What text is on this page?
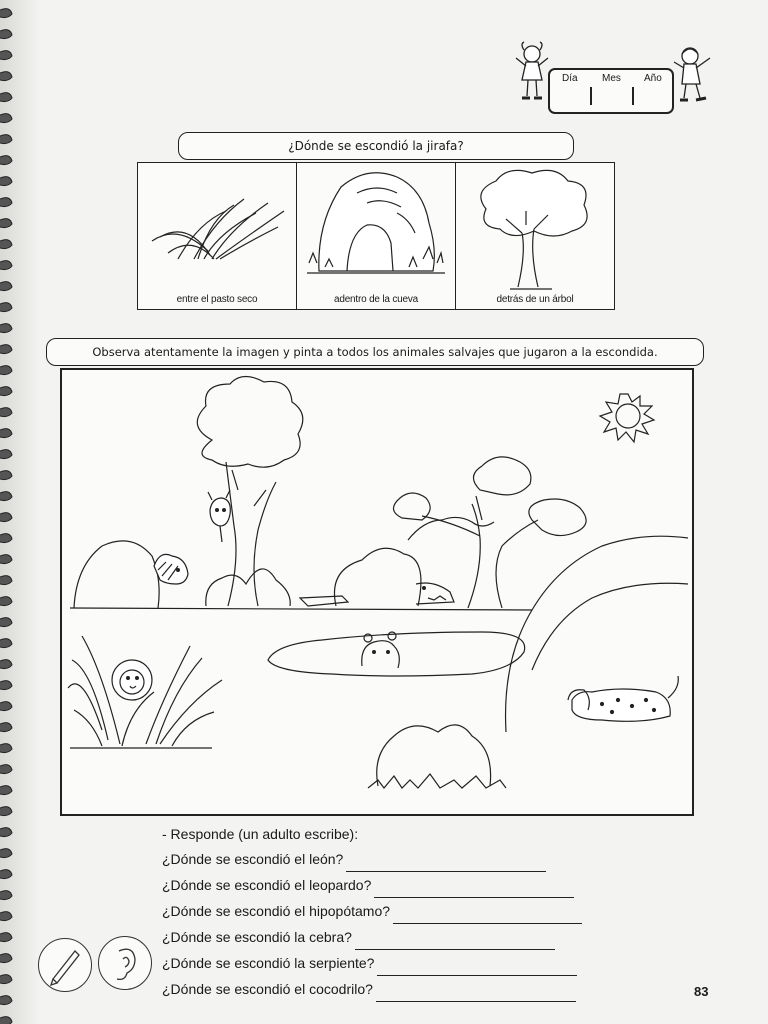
Día Mes Año
¿Dónde se escondió la jirafa?
entre el pasto seco	adentro de la cueva	detrás de un árbol
Observa atentamente la imagen y pinta a todos los animales salvajes que jugaron a la escondida.
- Responde (un adulto escribe):
¿Dónde se escondió el león?
¿Dónde se escondió el leopardo?
¿Dónde se escondió el hipopótamo?
¿Dónde se escondió la cebra?
¿Dónde se escondió la serpiente?
¿Dónde se escondió el cocodrilo?	83
